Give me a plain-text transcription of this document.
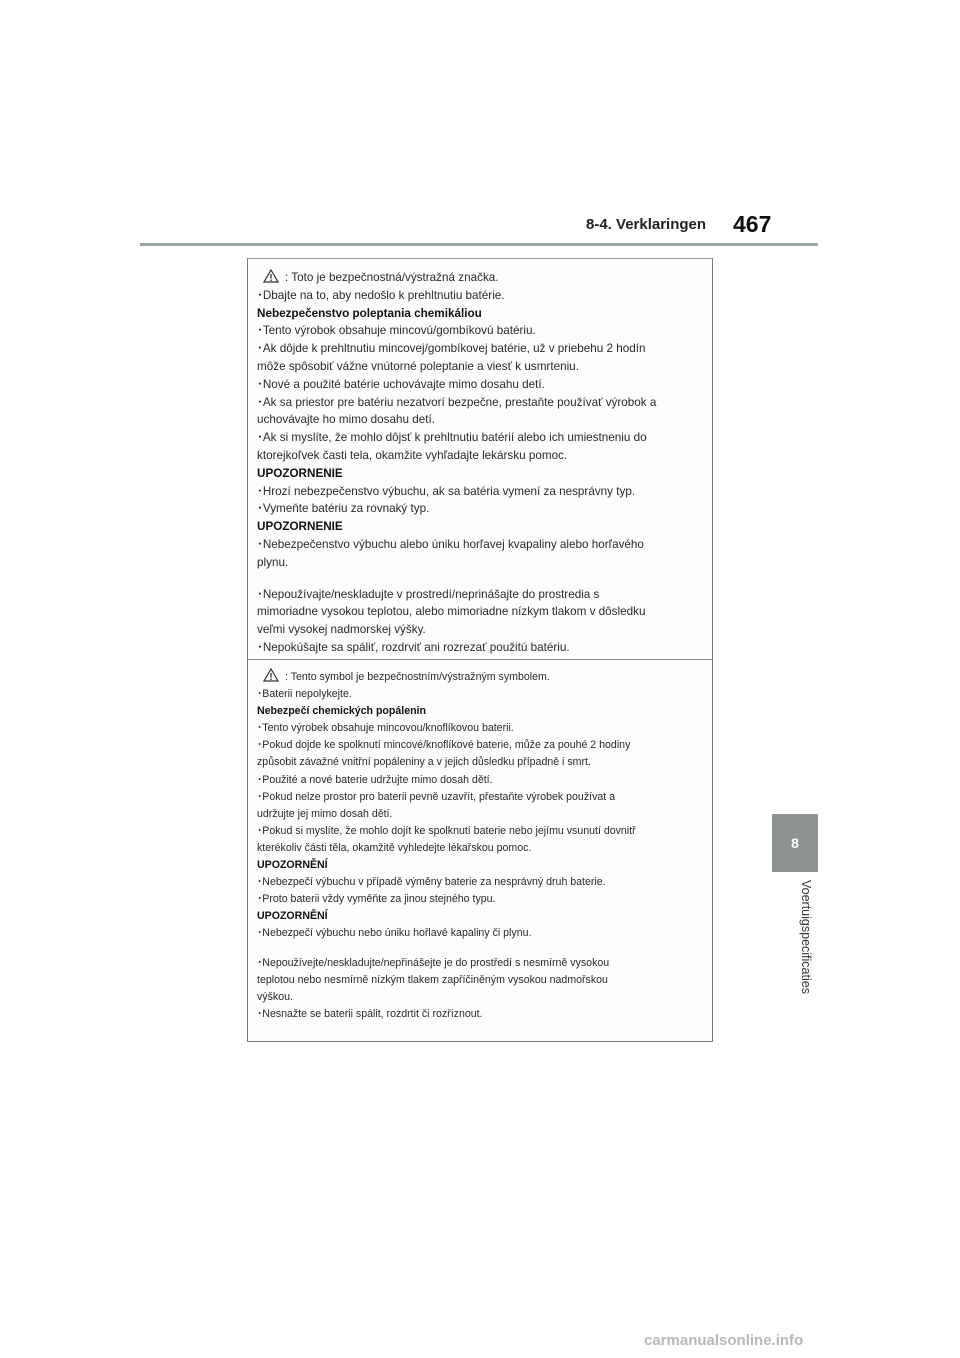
8-4. Verklaringen 467
8
Voertuigspecificaties
: Toto je bezpečnostná/výstražná značka.
･Dbajte na to, aby nedošlo k prehltnutiu batérie.
Nebezpečenstvo poleptania chemikáliou
･Tento výrobok obsahuje mincovú/gombíkovú batériu.
･Ak dôjde k prehltnutiu mincovej/gombíkovej batérie, už v priebehu 2 hodín
môže spôsobiť vážne vnútorné poleptanie a viesť k usmrteniu.
･Nové a použité batérie uchovávajte mimo dosahu detí.
･Ak sa priestor pre batériu nezatvorí bezpečne, prestaňte používať výrobok a
uchovávajte ho mimo dosahu detí.
･Ak si myslíte, že mohlo dôjsť k prehltnutiu batérií alebo ich umiestneniu do
ktorejkoľvek časti tela, okamžite vyhľadajte lekársku pomoc.
UPOZORNENIE
･Hrozí nebezpečenstvo výbuchu, ak sa batéria vymení za nesprávny typ.
･Vymeňte batériu za rovnaký typ.
UPOZORNENIE
･Nebezpečenstvo výbuchu alebo úniku horľavej kvapaliny alebo horľavého
plynu.
･Nepoužívajte/neskladujte v prostredí/neprinášajte do prostredia s
mimoriadne vysokou teplotou, alebo mimoriadne nízkym tlakom v dôsledku
veľmi vysokej nadmorskej výšky.
･Nepokúšajte sa spáliť, rozdrviť ani rozrezať použitú batériu.
: Tento symbol je bezpečnostním/výstražným symbolem.
･Baterii nepolykejte.
Nebezpečí chemických popálenin
･Tento výrobek obsahuje mincovou/knoflíkovou baterii.
･Pokud dojde ke spolknutí mincové/knoflíkové baterie, může za pouhé 2 hodiny
způsobit závažné vnitřní popáleniny a v jejich důsledku případně i smrt.
･Použité a nové baterie udržujte mimo dosah dětí.
･Pokud nelze prostor pro baterii pevně uzavřít, přestaňte výrobek používat a
udržujte jej mimo dosah dětí.
･Pokud si myslíte, že mohlo dojít ke spolknutí baterie nebo jejímu vsunutí dovnitř
kterékoliv části těla, okamžitě vyhledejte lékařskou pomoc.
UPOZORNĚNÍ
･Nebezpečí výbuchu v případě výměny baterie za nesprávný druh baterie.
･Proto baterii vždy vyměňte za jinou stejného typu.
UPOZORNĚNÍ
･Nebezpečí výbuchu nebo úniku hořlavé kapaliny či plynu.
･Nepoužívejte/neskladujte/nepřinášejte je do prostředí s nesmírně vysokou
teplotou nebo nesmírně nízkým tlakem zapříčiněným vysokou nadmořskou
výškou.
･Nesnažte se baterii spálit, rozdrtit či rozříznout.
carmanualsonline.info
